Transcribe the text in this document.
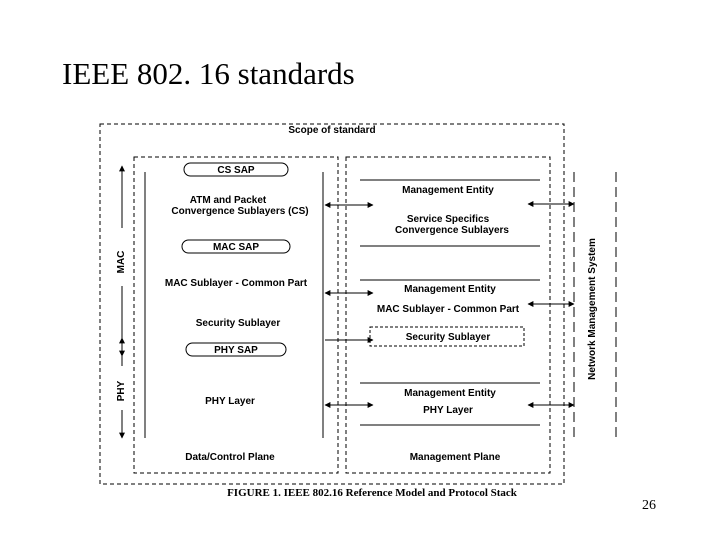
IEEE 802. 16 standards
Scope of standard
CS SAP
ATM and Packet
Convergence Sublayers (CS)
MAC SAP
MAC Sublayer - Common Part
Security Sublayer
PHY SAP
PHY Layer
Data/Control Plane
Management Entity
Service Specifics
Convergence Sublayers
Management Entity
MAC Sublayer - Common Part
Security Sublayer
Management Entity
PHY Layer
Management Plane
Network Management System
MAC
PHY
FIGURE 1. IEEE 802.16 Reference Model and Protocol Stack
26
